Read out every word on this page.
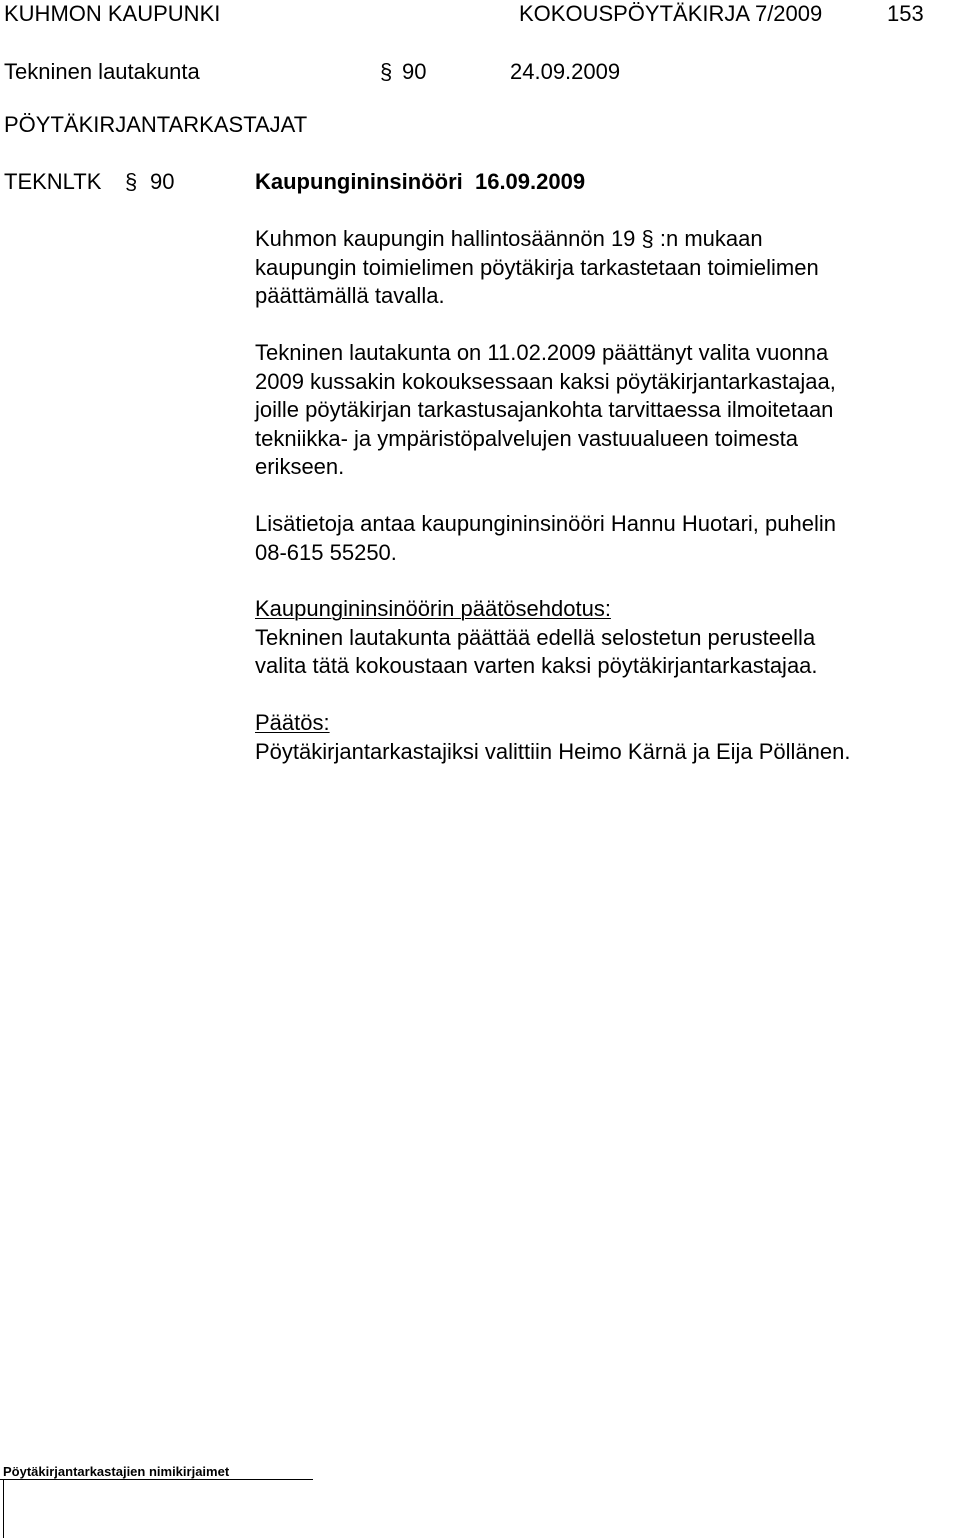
KUHMON KAUPUNKI	KOKOUSPÖYTÄKIRJA 7/2009	153
Tekninen lautakunta	§ 90	24.09.2009
PÖYTÄKIRJANTARKASTAJAT
TEKNLTK § 90	Kaupungininsinööri  16.09.2009
Kuhmon kaupungin hallintosäännön 19 § :n mukaan
kaupungin toimielimen pöytäkirja tarkastetaan toimielimen
päättämällä tavalla.
Tekninen lautakunta on 11.02.2009 päättänyt valita vuonna
2009 kussakin kokouksessaan kaksi pöytäkirjantarkastajaa,
joille pöytäkirjan tarkastusajankohta tarvittaessa ilmoitetaan
tekniikka- ja ympäristöpalvelujen vastuualueen toimesta
erikseen.
Lisätietoja antaa kaupungininsinööri Hannu Huotari, puhelin
08-615 55250.
Kaupungininsinöörin päätösehdotus:
Tekninen lautakunta päättää edellä selostetun perusteella
valita tätä kokoustaan varten kaksi pöytäkirjantarkastajaa.
Päätös:
Pöytäkirjantarkastajiksi valittiin Heimo Kärnä ja Eija Pöllänen.
Pöytäkirjantarkastajien nimikirjaimet
